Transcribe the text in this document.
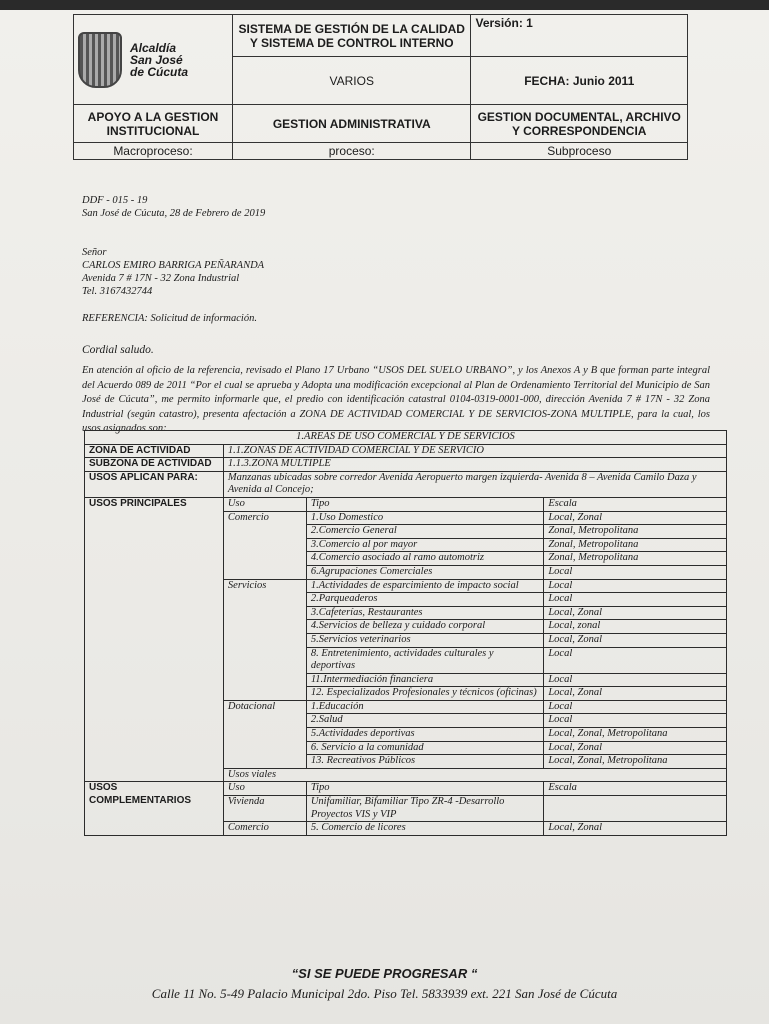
Alcaldía
San José
de Cúcuta	SISTEMA DE GESTIÓN DE LA CALIDAD Y SISTEMA DE CONTROL INTERNO	Versión: 1
	VARIOS	FECHA: Junio 2011
APOYO A LA GESTION INSTITUCIONAL	GESTION ADMINISTRATIVA	GESTION DOCUMENTAL, ARCHIVO Y CORRESPONDENCIA
Macroproceso:	proceso:	Subproceso
DDF - 015 - 19
San José de Cúcuta, 28 de Febrero de 2019
Señor
CARLOS EMIRO BARRIGA PEÑARANDA
Avenida 7 # 17N - 32 Zona Industrial
Tel. 3167432744
REFERENCIA: Solicitud de información.
Cordial saludo.
En atención al oficio de la referencia, revisado el Plano 17 Urbano “USOS DEL SUELO URBANO”, y los Anexos A y B que forman parte integral del Acuerdo 089 de 2011 “Por el cual se aprueba y Adopta una modificación excepcional al Plan de Ordenamiento Territorial del Municipio de San José de Cúcuta”, me permito informarle que, el predio con identificación catastral 0104-0319-0001-000, dirección Avenida 7 # 17N - 32 Zona Industrial (según catastro), presenta afectación a ZONA DE ACTIVIDAD COMERCIAL Y DE SERVICIOS-ZONA MULTIPLE, para la cual, los usos asignados son:
1.AREAS DE USO COMERCIAL Y DE SERVICIOS			
ZONA DE ACTIVIDAD	1.1.ZONAS DE ACTIVIDAD COMERCIAL Y DE SERVICIO		
SUBZONA DE ACTIVIDAD	1.1.3.ZONA MULTIPLE		
USOS APLICAN PARA:	Manzanas ubicadas sobre corredor Avenida Aeropuerto margen izquierda- Avenida 8 – Avenida Camilo Daza y Avenida al Concejo;		
USOS PRINCIPALES	Uso	Tipo	Escala
	Comercio	1.Uso Domestico	Local, Zonal
		2.Comercio General	Zonal, Metropolitana
		3.Comercio al por mayor	Zonal, Metropolitana
		4.Comercio asociado al ramo automotriz	Zonal, Metropolitana
		6.Agrupaciones Comerciales	Local
	Servicios	1.Actividades de esparcimiento de impacto social	Local
		2.Parqueaderos	Local
		3.Cafeterías, Restaurantes	Local, Zonal
		4.Servicios de belleza y cuidado corporal	Local, zonal
		5.Servicios veterinarios	Local, Zonal
		8. Entretenimiento, actividades culturales y deportivas	Local
		11.Intermediación financiera	Local
		12. Especializados Profesionales y técnicos (oficinas)	Local, Zonal
	Dotacional	1.Educación	Local
		2.Salud	Local
		5.Actividades deportivas	Local, Zonal, Metropolitana
		6. Servicio a la comunidad	Local, Zonal
		13. Recreativos Públicos	Local, Zonal, Metropolitana
	Usos viales		
USOS COMPLEMENTARIOS	Uso	Tipo	Escala
	Vivienda	Unifamiliar, Bifamiliar Tipo ZR-4 -Desarrollo Proyectos VIS y VIP	
	Comercio	5. Comercio de licores	Local, Zonal
“SI SE PUEDE PROGRESAR “
Calle 11 No. 5-49 Palacio Municipal 2do. Piso Tel. 5833939 ext. 221 San José de Cúcuta
